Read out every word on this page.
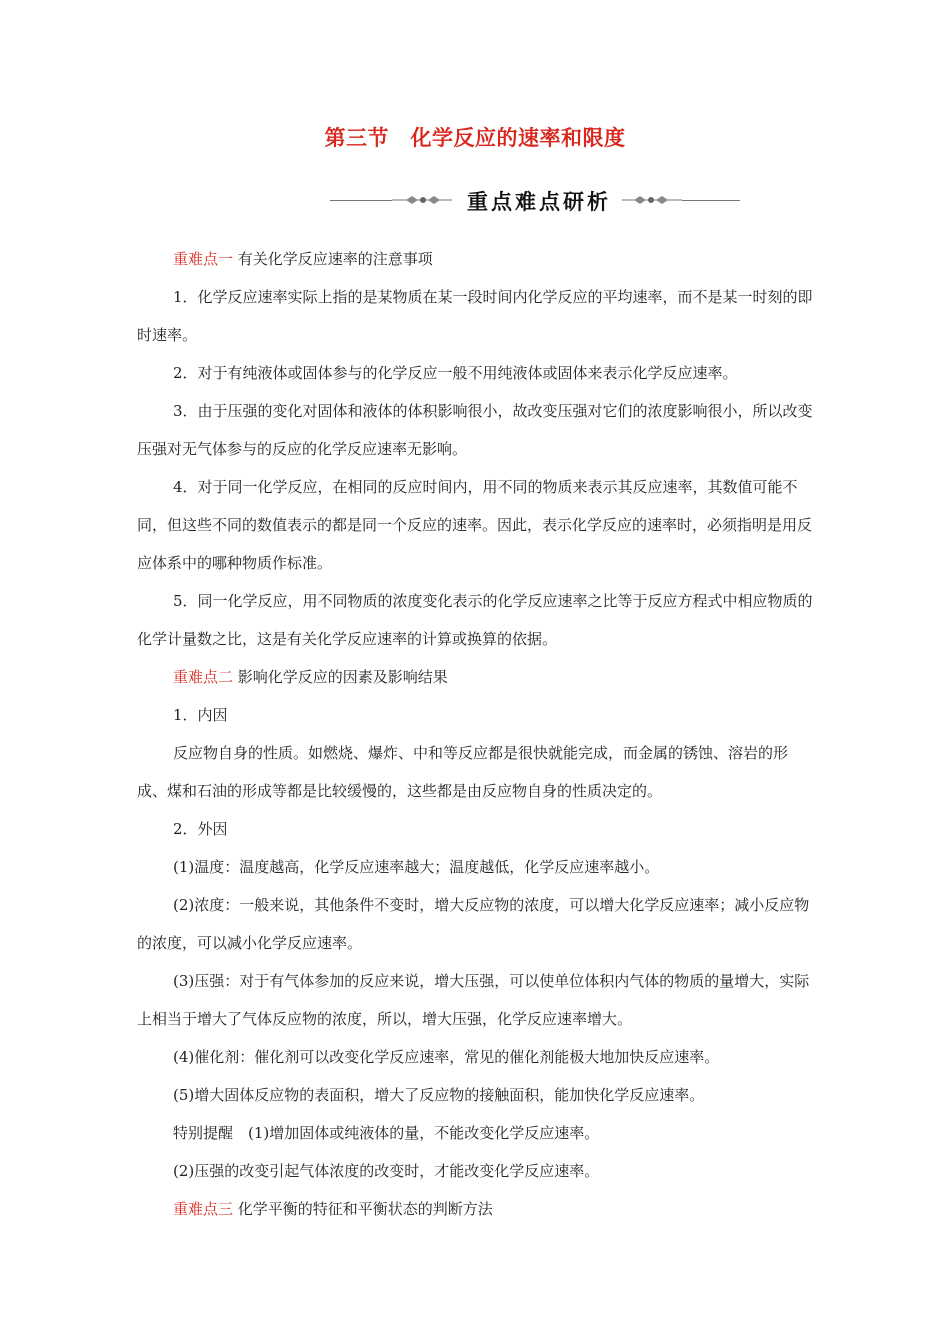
第三节　化学反应的速率和限度
重点难点研析

重难点一 有关化学反应速率的注意事项

1．化学反应速率实际上指的是某物质在某一段时间内化学反应的平均速率，而不是某一时刻的即时速率。

2．对于有纯液体或固体参与的化学反应一般不用纯液体或固体来表示化学反应速率。

3．由于压强的变化对固体和液体的体积影响很小，故改变压强对它们的浓度影响很小，所以改变压强对无气体参与的反应的化学反应速率无影响。

4．对于同一化学反应，在相同的反应时间内，用不同的物质来表示其反应速率，其数值可能不同，但这些不同的数值表示的都是同一个反应的速率。因此，表示化学反应的速率时，必须指明是用反应体系中的哪种物质作标准。

5．同一化学反应，用不同物质的浓度变化表示的化学反应速率之比等于反应方程式中相应物质的化学计量数之比，这是有关化学反应速率的计算或换算的依据。

重难点二 影响化学反应的因素及影响结果

1．内因

反应物自身的性质。如燃烧、爆炸、中和等反应都是很快就能完成，而金属的锈蚀、溶岩的形成、煤和石油的形成等都是比较缓慢的，这些都是由反应物自身的性质决定的。

2．外因

(1)温度：温度越高，化学反应速率越大；温度越低，化学反应速率越小。

(2)浓度：一般来说，其他条件不变时，增大反应物的浓度，可以增大化学反应速率；减小反应物的浓度，可以减小化学反应速率。

(3)压强：对于有气体参加的反应来说，增大压强，可以使单位体积内气体的物质的量增大，实际上相当于增大了气体反应物的浓度，所以，增大压强，化学反应速率增大。

(4)催化剂：催化剂可以改变化学反应速率，常见的催化剂能极大地加快反应速率。

(5)增大固体反应物的表面积，增大了反应物的接触面积，能加快化学反应速率。

特别提醒　(1)增加固体或纯液体的量，不能改变化学反应速率。

(2)压强的改变引起气体浓度的改变时，才能改变化学反应速率。

重难点三 化学平衡的特征和平衡状态的判断方法
